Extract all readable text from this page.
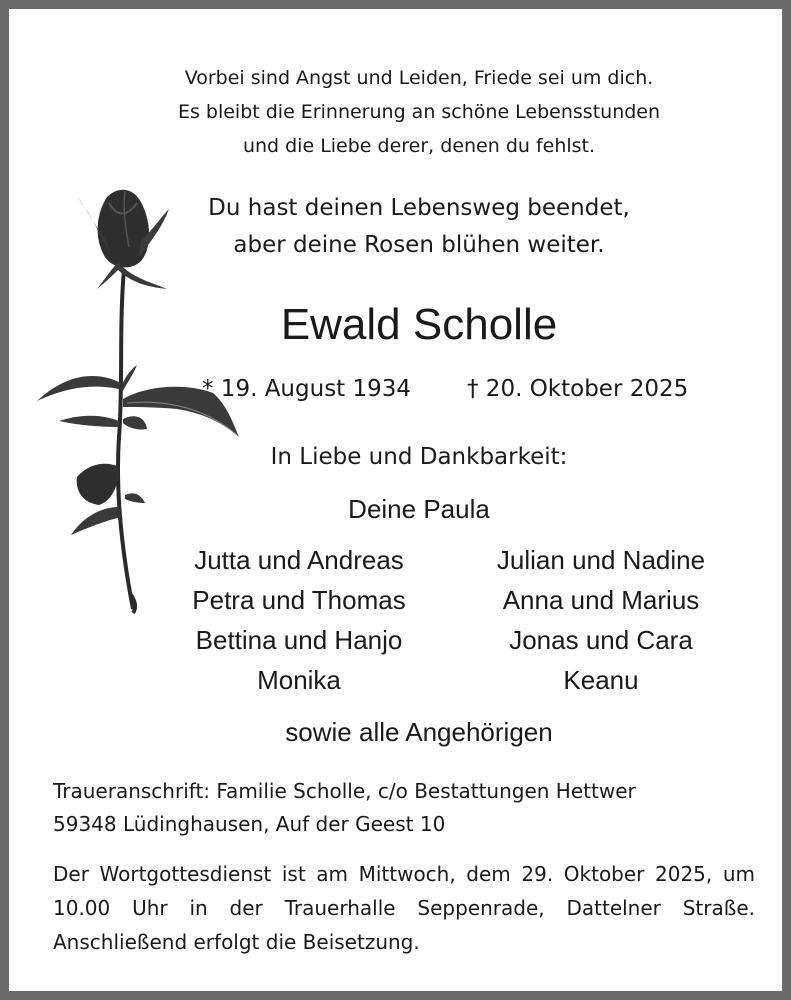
Vorbei sind Angst und Leiden, Friede sei um dich.
Es bleibt die Erinnerung an schöne Lebensstunden
und die Liebe derer, denen du fehlst.
Du hast deinen Lebensweg beendet,
aber deine Rosen blühen weiter.
Ewald Scholle
* 19. August 1934 † 20. Oktober 2025
In Liebe und Dankbarkeit:
Deine Paula
Jutta und Andreas
Petra und Thomas
Bettina und Hanjo
Monika
Julian und Nadine
Anna und Marius
Jonas und Cara
Keanu
sowie alle Angehörigen
Traueranschrift: Familie Scholle, c/o Bestattungen Hettwer
59348 Lüdinghausen, Auf der Geest 10
Der Wortgottesdienst ist am Mittwoch, dem 29. Oktober 2025, um
10.00 Uhr in der Trauerhalle Seppenrade, Dattelner Straße.
Anschließend erfolgt die Beisetzung.
